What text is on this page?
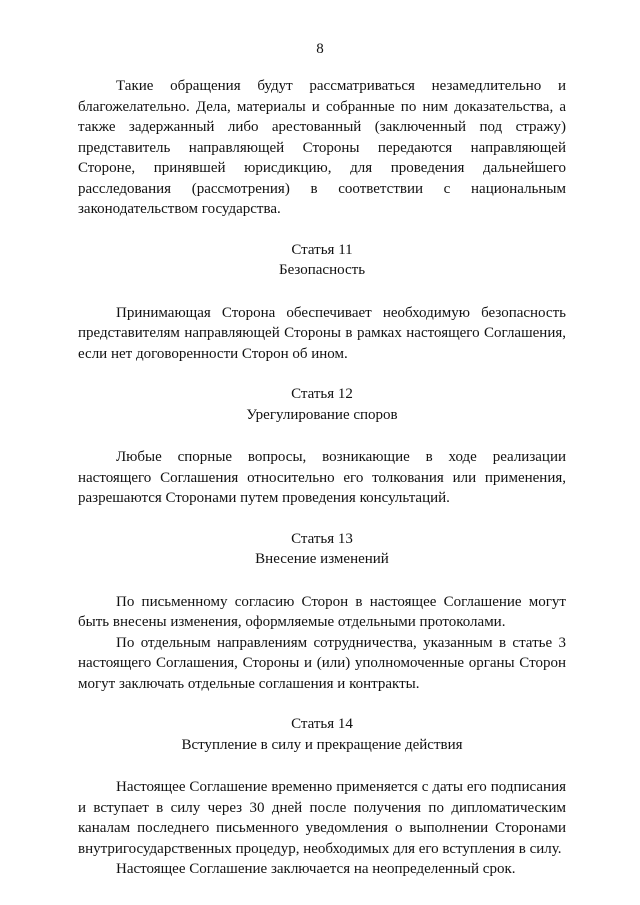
8

Такие обращения будут рассматриваться незамедлительно и благожелательно. Дела, материалы и собранные по ним доказательства, а также задержанный либо арестованный (заключенный под стражу) представитель направляющей Стороны передаются направляющей Стороне, принявшей юрисдикцию, для проведения дальнейшего расследования (рассмотрения) в соответствии с национальным законодательством государства.

Статья 11
Безопасность

Принимающая Сторона обеспечивает необходимую безопасность представителям направляющей Стороны в рамках настоящего Соглашения, если нет договоренности Сторон об ином.

Статья 12
Урегулирование споров

Любые спорные вопросы, возникающие в ходе реализации настоящего Соглашения относительно его толкования или применения, разрешаются Сторонами путем проведения консультаций.

Статья 13
Внесение изменений

По письменному согласию Сторон в настоящее Соглашение могут быть внесены изменения, оформляемые отдельными протоколами.

По отдельным направлениям сотрудничества, указанным в статье 3 настоящего Соглашения, Стороны и (или) уполномоченные органы Сторон могут заключать отдельные соглашения и контракты.

Статья 14
Вступление в силу и прекращение действия

Настоящее Соглашение временно применяется с даты его подписания и вступает в силу через 30 дней после получения по дипломатическим каналам последнего письменного уведомления о выполнении Сторонами внутригосударственных процедур, необходимых для его вступления в силу.

Настоящее Соглашение заключается на неопределенный срок.
